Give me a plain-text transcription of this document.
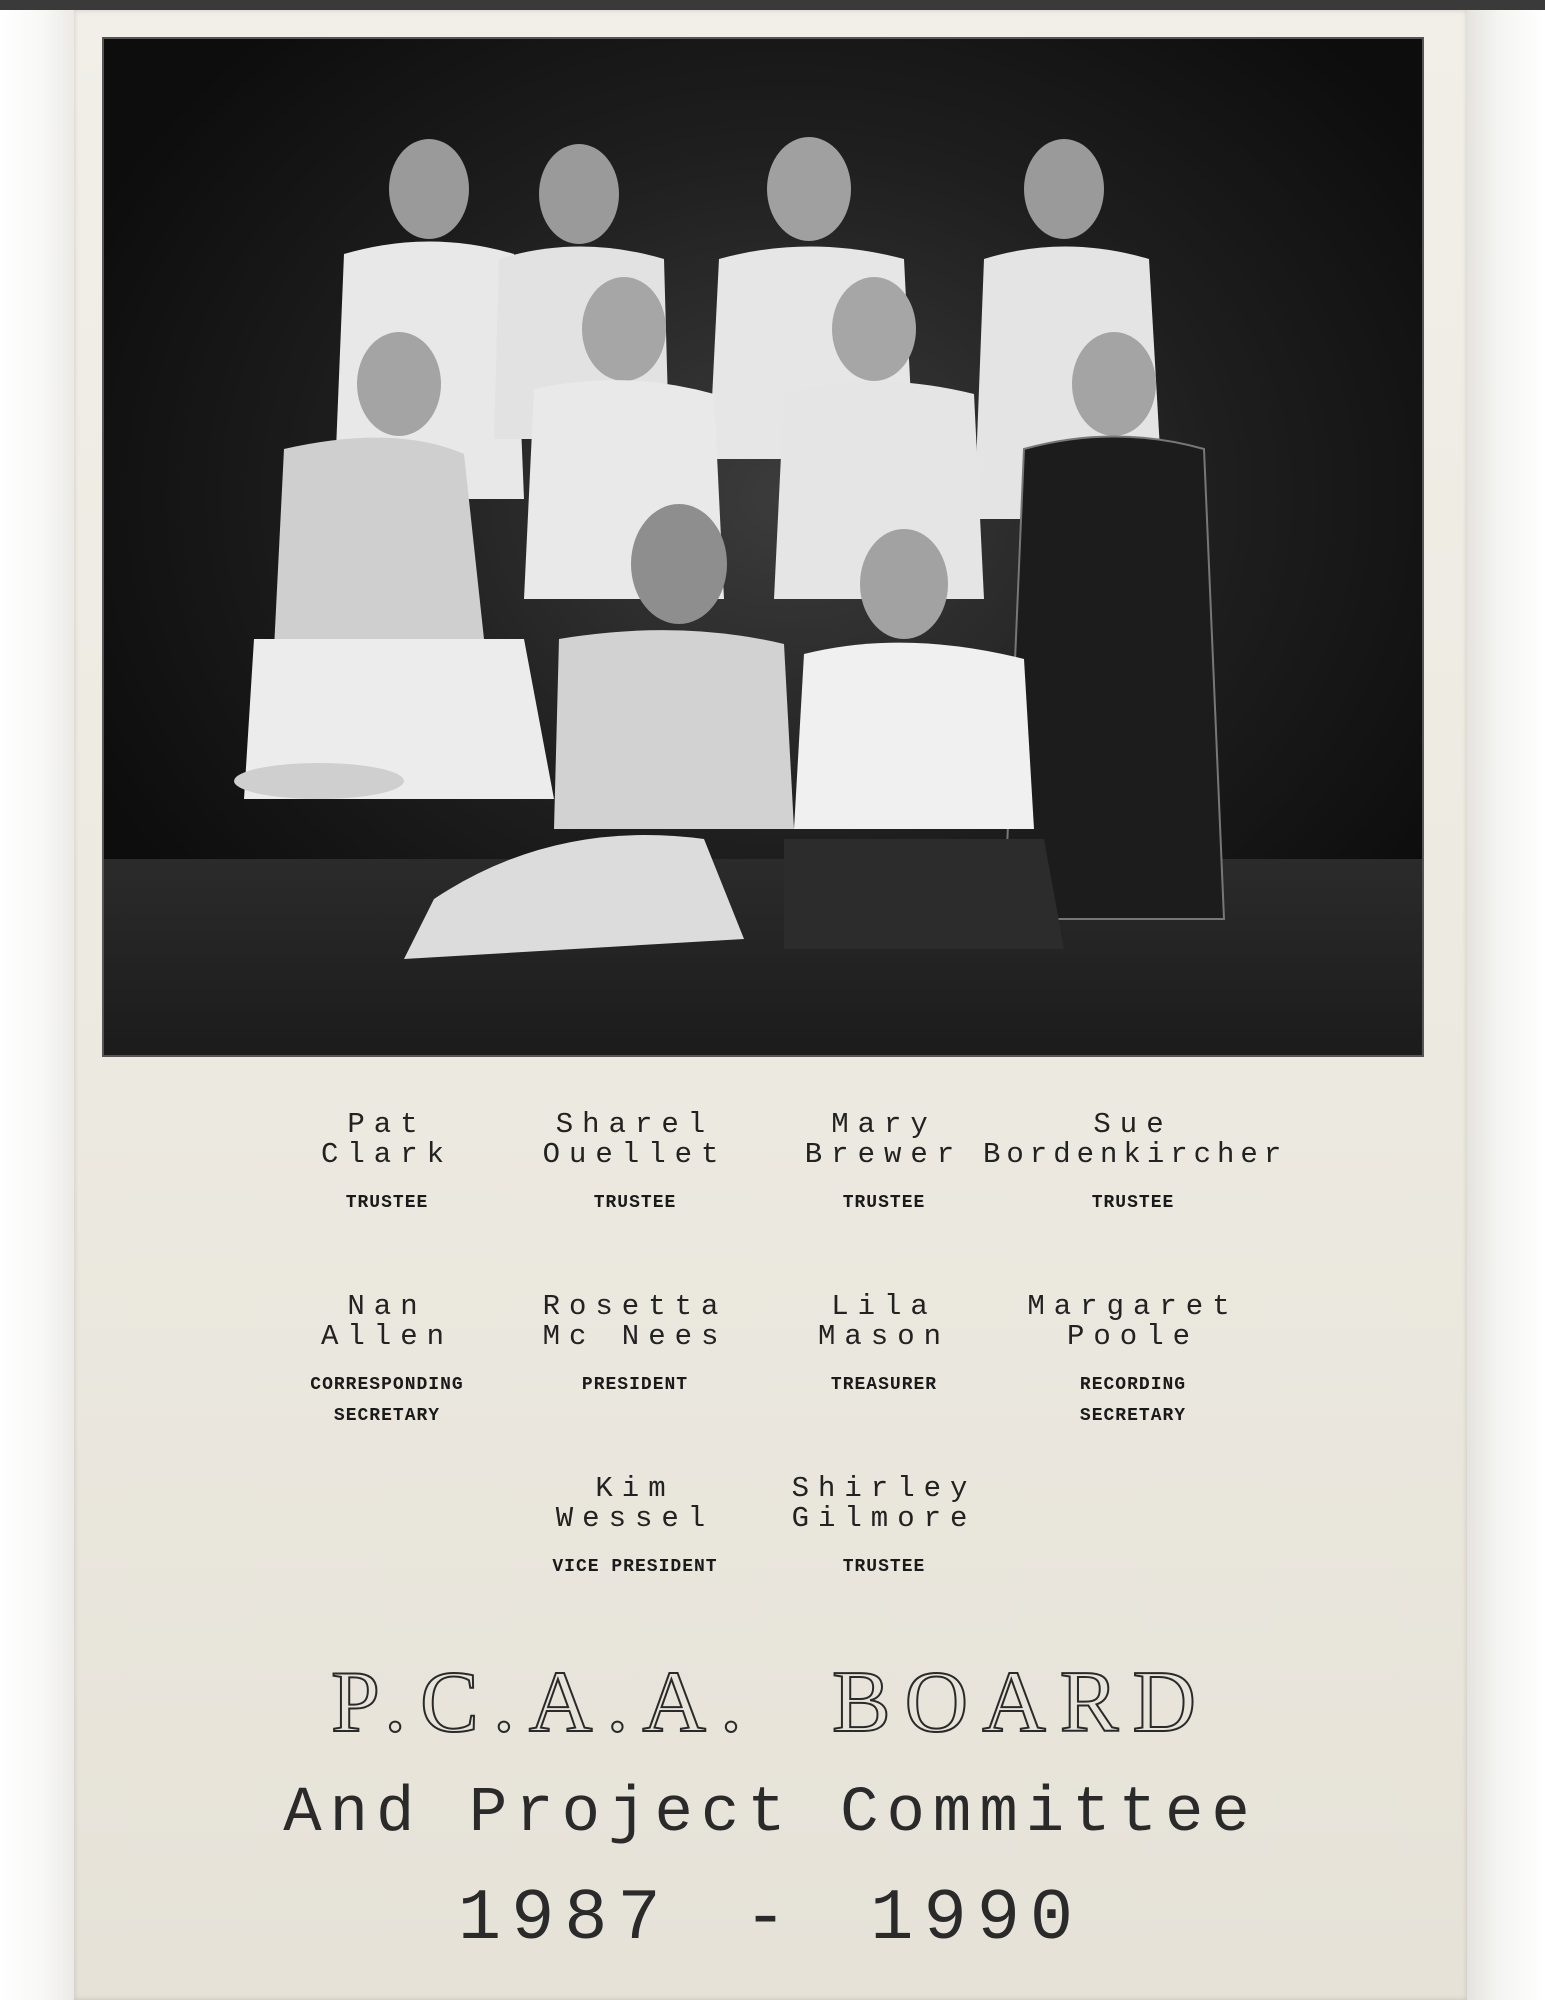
Pat
Clark
TRUSTEE
Sharel
Ouellet
TRUSTEE
Mary
Brewer
TRUSTEE
Sue
Bordenkircher
TRUSTEE
Nan
Allen
CORRESPONDING
SECRETARY
Rosetta
Mc Nees
PRESIDENT
Lila
Mason
TREASURER
Margaret
Poole
RECORDING
SECRETARY
Kim
Wessel
VICE PRESIDENT
Shirley
Gilmore
TRUSTEE
P.C.A.A. BOARD
And Project Committee
1987 - 1990
